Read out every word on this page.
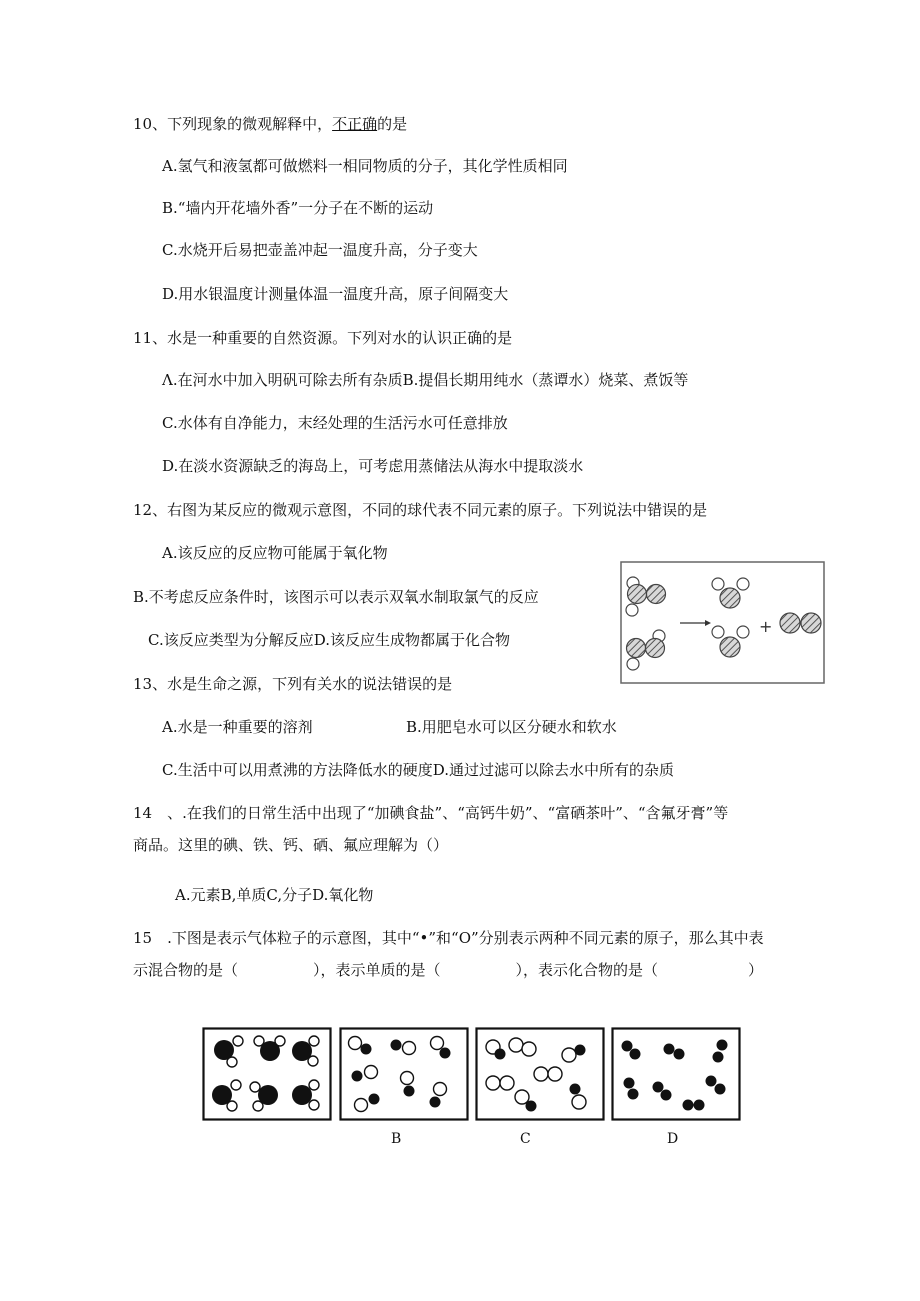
10、下列现象的微观解释中，不正确的是
A.氢气和液氢都可做燃料一相同物质的分子，其化学性质相同
B.“墙内开花墙外香”一分子在不断的运动
C.水烧开后易把壶盖冲起一温度升高，分子变大
D.用水银温度计测量体温一温度升高，原子间隔变大
11、水是一种重要的自然资源。下列对水的认识正确的是
Λ.在河水中加入明矾可除去所有杂质B.提倡长期用纯水（蒸谭水）烧菜、煮饭等
C.水体有自净能力，末经处理的生活污水可任意排放
D.在淡水资源缺乏的海岛上，可考虑用蒸储法从海水中提取淡水
12、右图为某反应的微观示意图，不同的球代表不同元素的原子。下列说法中错误的是
A.该反应的反应物可能属于氧化物
B.不考虑反应条件时，该图示可以表示双氧水制取氯气的反应
C.该反应类型为分解反应D.该反应生成物都属于化合物
+
13、水是生命之源，下列有关水的说法错误的是
A.水是一种重要的溶剂	B.用肥皂水可以区分硬水和软水
C.生活中可以用煮沸的方法降低水的硬度D.通过过滤可以除去水中所有的杂质
14　、.在我们的日常生活中出现了“加碘食盐”、“高钙牛奶”、“富硒茶叶”、“含氟牙膏”等
商品。这里的碘、铁、钙、硒、氟应理解为（）
A.元素B,单质C,分子D.氧化物
15　.下图是表示气体粒子的示意图，其中“•”和“O”分别表示两种不同元素的原子，那么其中表
示混合物的是（　　　　　），表示单质的是（　　　　　），表示化合物的是（　　　　　　）
B	C	D
